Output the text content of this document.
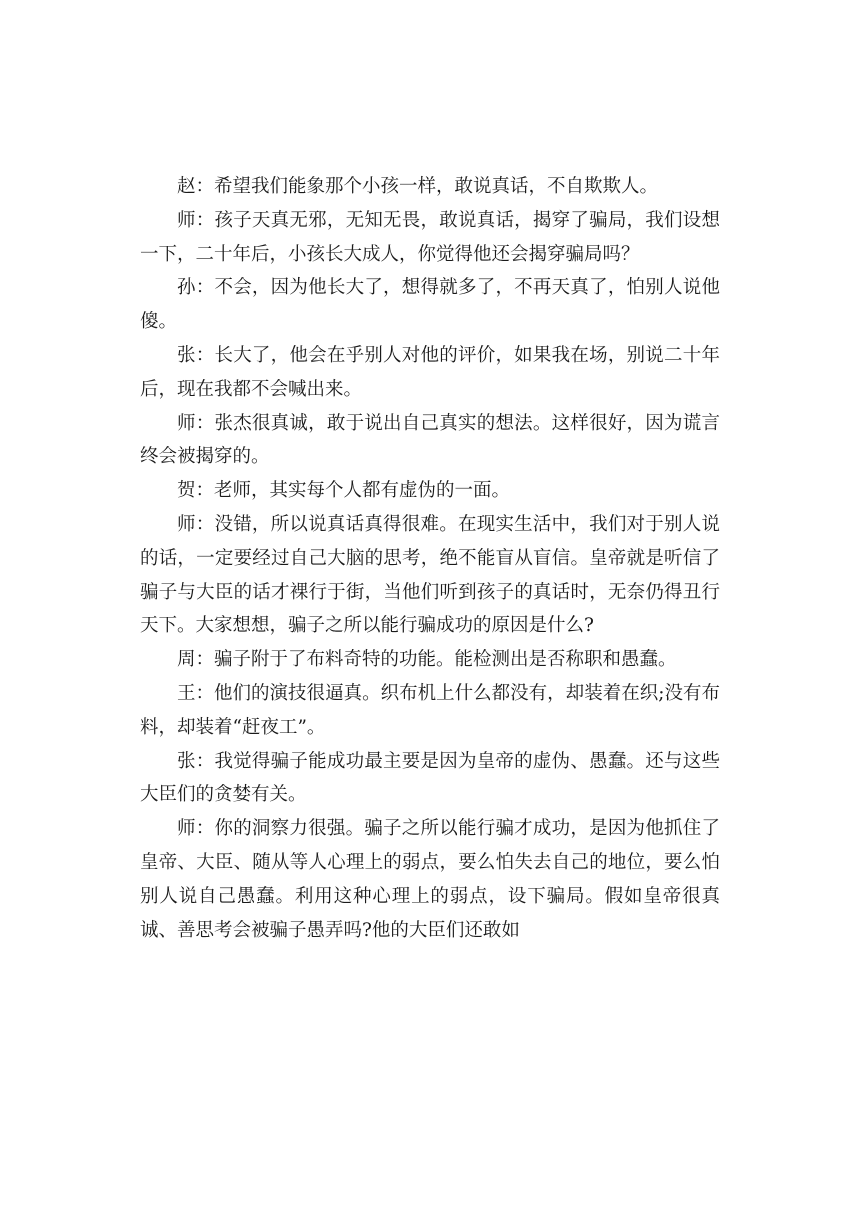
赵：希望我们能象那个小孩一样，敢说真话，不自欺欺人。

师：孩子天真无邪，无知无畏，敢说真话，揭穿了骗局，我们设想一下，二十年后，小孩长大成人，你觉得他还会揭穿骗局吗？

孙：不会，因为他长大了，想得就多了，不再天真了，怕别人说他傻。

张：长大了，他会在乎别人对他的评价，如果我在场，别说二十年后，现在我都不会喊出来。

师：张杰很真诚，敢于说出自己真实的想法。这样很好，因为谎言终会被揭穿的。

贺：老师，其实每个人都有虚伪的一面。

师：没错，所以说真话真得很难。在现实生活中，我们对于别人说的话，一定要经过自己大脑的思考，绝不能盲从盲信。皇帝就是听信了骗子与大臣的话才裸行于街，当他们听到孩子的真话时，无奈仍得丑行天下。大家想想，骗子之所以能行骗成功的原因是什么?

周：骗子附于了布料奇特的功能。能检测出是否称职和愚蠢。

王：他们的演技很逼真。织布机上什么都没有，却装着在织;没有布料，却装着“赶夜工”。

张：我觉得骗子能成功最主要是因为皇帝的虚伪、愚蠢。还与这些大臣们的贪婪有关。

师：你的洞察力很强。骗子之所以能行骗才成功，是因为他抓住了皇帝、大臣、随从等人心理上的弱点，要么怕失去自己的地位，要么怕别人说自己愚蠢。利用这种心理上的弱点，设下骗局。假如皇帝很真诚、善思考会被骗子愚弄吗?他的大臣们还敢如
